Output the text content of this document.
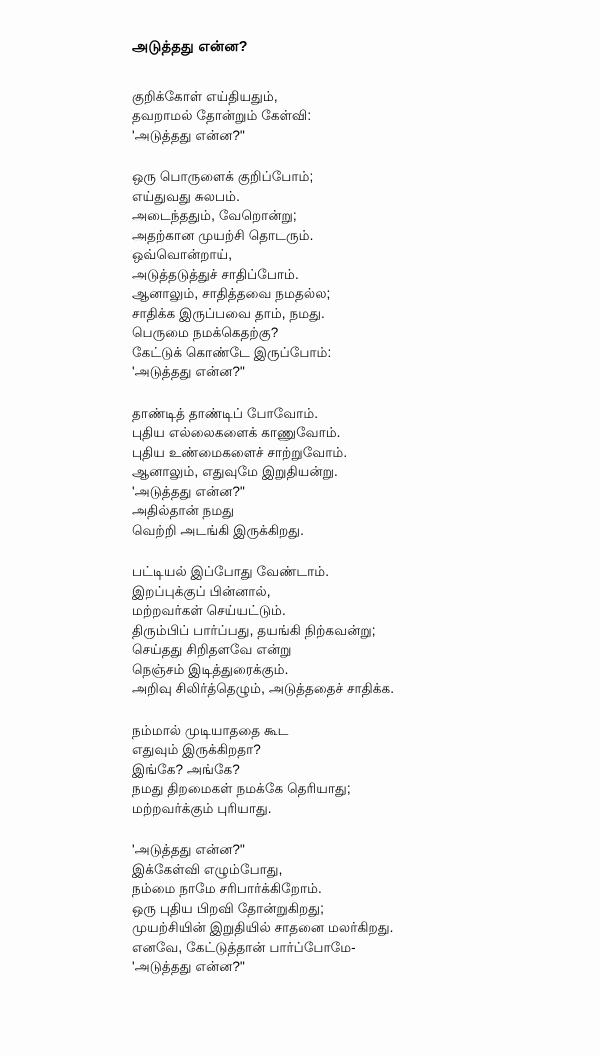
அடுத்தது என்ன?
குறிக்கோள் எய்தியதும்,
தவறாமல் தோன்றும் கேள்வி:
'அடுத்தது என்ன?"
ஒரு பொருளைக் குறிப்போம்;
எய்துவது சுலபம்.
அடைந்ததும், வேறொன்று;
அதற்கான முயற்சி தொடரும்.
ஒவ்வொன்றாய்,
அடுத்தடுத்துச் சாதிப்போம்.
ஆனாலும், சாதித்தவை நமதல்ல;
சாதிக்க இருப்பவை தாம், நமது.
பெருமை நமக்கெதற்கு?
கேட்டுக் கொண்டே இருப்போம்:
'அடுத்தது என்ன?"
தாண்டித் தாண்டிப் போவோம்.
புதிய எல்லைகளைக் காணுவோம்.
புதிய உண்மைகளைச் சாற்றுவோம்.
ஆனாலும், எதுவுமே இறுதியன்று.
'அடுத்தது என்ன?"
அதில்தான் நமது
வெற்றி அடங்கி இருக்கிறது.
பட்டியல் இப்போது வேண்டாம்.
இறப்புக்குப் பின்னால்,
மற்றவர்கள் செய்யட்டும்.
திரும்பிப் பார்ப்பது, தயங்கி நிற்கவன்று;
செய்தது சிறிதளவே என்று
நெஞ்சம் இடித்துரைக்கும்.
அறிவு சிலிர்த்தெழும், அடுத்ததைச் சாதிக்க.
நம்மால் முடியாததை கூட
எதுவும் இருக்கிறதா?
இங்கே? அங்கே?
நமது திறமைகள் நமக்கே தெரியாது;
மற்றவர்க்கும் புரியாது.
'அடுத்தது என்ன?"
இக்கேள்வி எழும்போது,
நம்மை நாமே சரிபார்க்கிறோம்.
ஒரு புதிய பிறவி தோன்றுகிறது;
முயற்சியின் இறுதியில் சாதனை மலர்கிறது.
எனவே, கேட்டுத்தான் பார்ப்போமே-
'அடுத்தது என்ன?"
